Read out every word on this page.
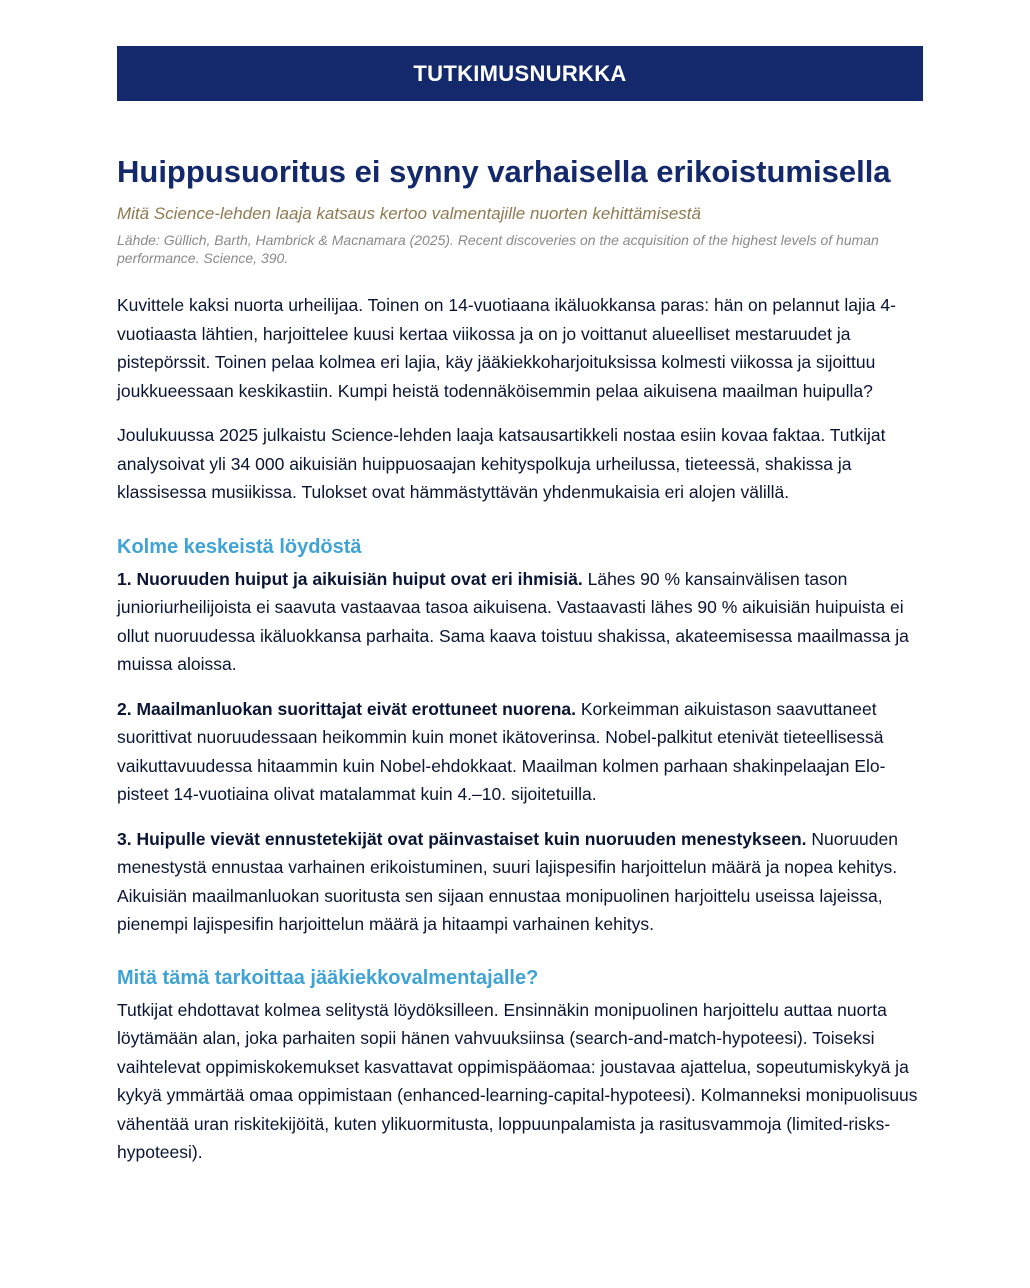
TUTKIMUSNURKKA
Huippusuoritus ei synny varhaisella erikoistumisella

Mitä Science-lehden laaja katsaus kertoo valmentajille nuorten kehittämisestä

Lähde: Güllich, Barth, Hambrick & Macnamara (2025). Recent discoveries on the acquisition of the highest levels of human performance. Science, 390.

Kuvittele kaksi nuorta urheilijaa. Toinen on 14-vuotiaana ikäluokkansa paras: hän on pelannut lajia 4-vuotiaasta lähtien, harjoittelee kuusi kertaa viikossa ja on jo voittanut alueelliset mestaruudet ja pistepörssit. Toinen pelaa kolmea eri lajia, käy jääkiekkoharjoituksissa kolmesti viikossa ja sijoittuu joukkueessaan keskikastiin. Kumpi heistä todennäköisemmin pelaa aikuisena maailman huipulla?

Joulukuussa 2025 julkaistu Science-lehden laaja katsausartikkeli nostaa esiin kovaa faktaa. Tutkijat analysoivat yli 34 000 aikuisiän huippuosaajan kehityspolkuja urheilussa, tieteessä, shakissa ja klassisessa musiikissa. Tulokset ovat hämmästyttävän yhdenmukaisia eri alojen välillä.

Kolme keskeistä löydöstä

1. Nuoruuden huiput ja aikuisiän huiput ovat eri ihmisiä. Lähes 90 % kansainvälisen tason junioriurheilijoista ei saavuta vastaavaa tasoa aikuisena. Vastaavasti lähes 90 % aikuisiän huipuista ei ollut nuoruudessa ikäluokkansa parhaita. Sama kaava toistuu shakissa, akateemisessa maailmassa ja muissa aloissa.

2. Maailmanluokan suorittajat eivät erottuneet nuorena. Korkeimman aikuistason saavuttaneet suorittivat nuoruudessaan heikommin kuin monet ikätoverinsa. Nobel-palkitut etenivät tieteellisessä vaikuttavuudessa hitaammin kuin Nobel-ehdokkaat. Maailman kolmen parhaan shakinpelaajan Elo-pisteet 14-vuotiaina olivat matalammat kuin 4.–10. sijoitetuilla.

3. Huipulle vievät ennustetekijät ovat päinvastaiset kuin nuoruuden menestykseen. Nuoruuden menestystä ennustaa varhainen erikoistuminen, suuri lajispesifin harjoittelun määrä ja nopea kehitys. Aikuisiän maailmanluokan suoritusta sen sijaan ennustaa monipuolinen harjoittelu useissa lajeissa, pienempi lajispesifin harjoittelun määrä ja hitaampi varhainen kehitys.

Mitä tämä tarkoittaa jääkiekkovalmentajalle?

Tutkijat ehdottavat kolmea selitystä löydöksilleen. Ensinnäkin monipuolinen harjoittelu auttaa nuorta löytämään alan, joka parhaiten sopii hänen vahvuuksiinsa (search-and-match-hypoteesi). Toiseksi vaihtelevat oppimiskokemukset kasvattavat oppimispääomaa: joustavaa ajattelua, sopeutumiskykyä ja kykyä ymmärtää omaa oppimistaan (enhanced-learning-capital-hypoteesi). Kolmanneksi monipuolisuus vähentää uran riskitekijöitä, kuten ylikuormitusta, loppuunpalamista ja rasitusvammoja (limited-risks-hypoteesi).
